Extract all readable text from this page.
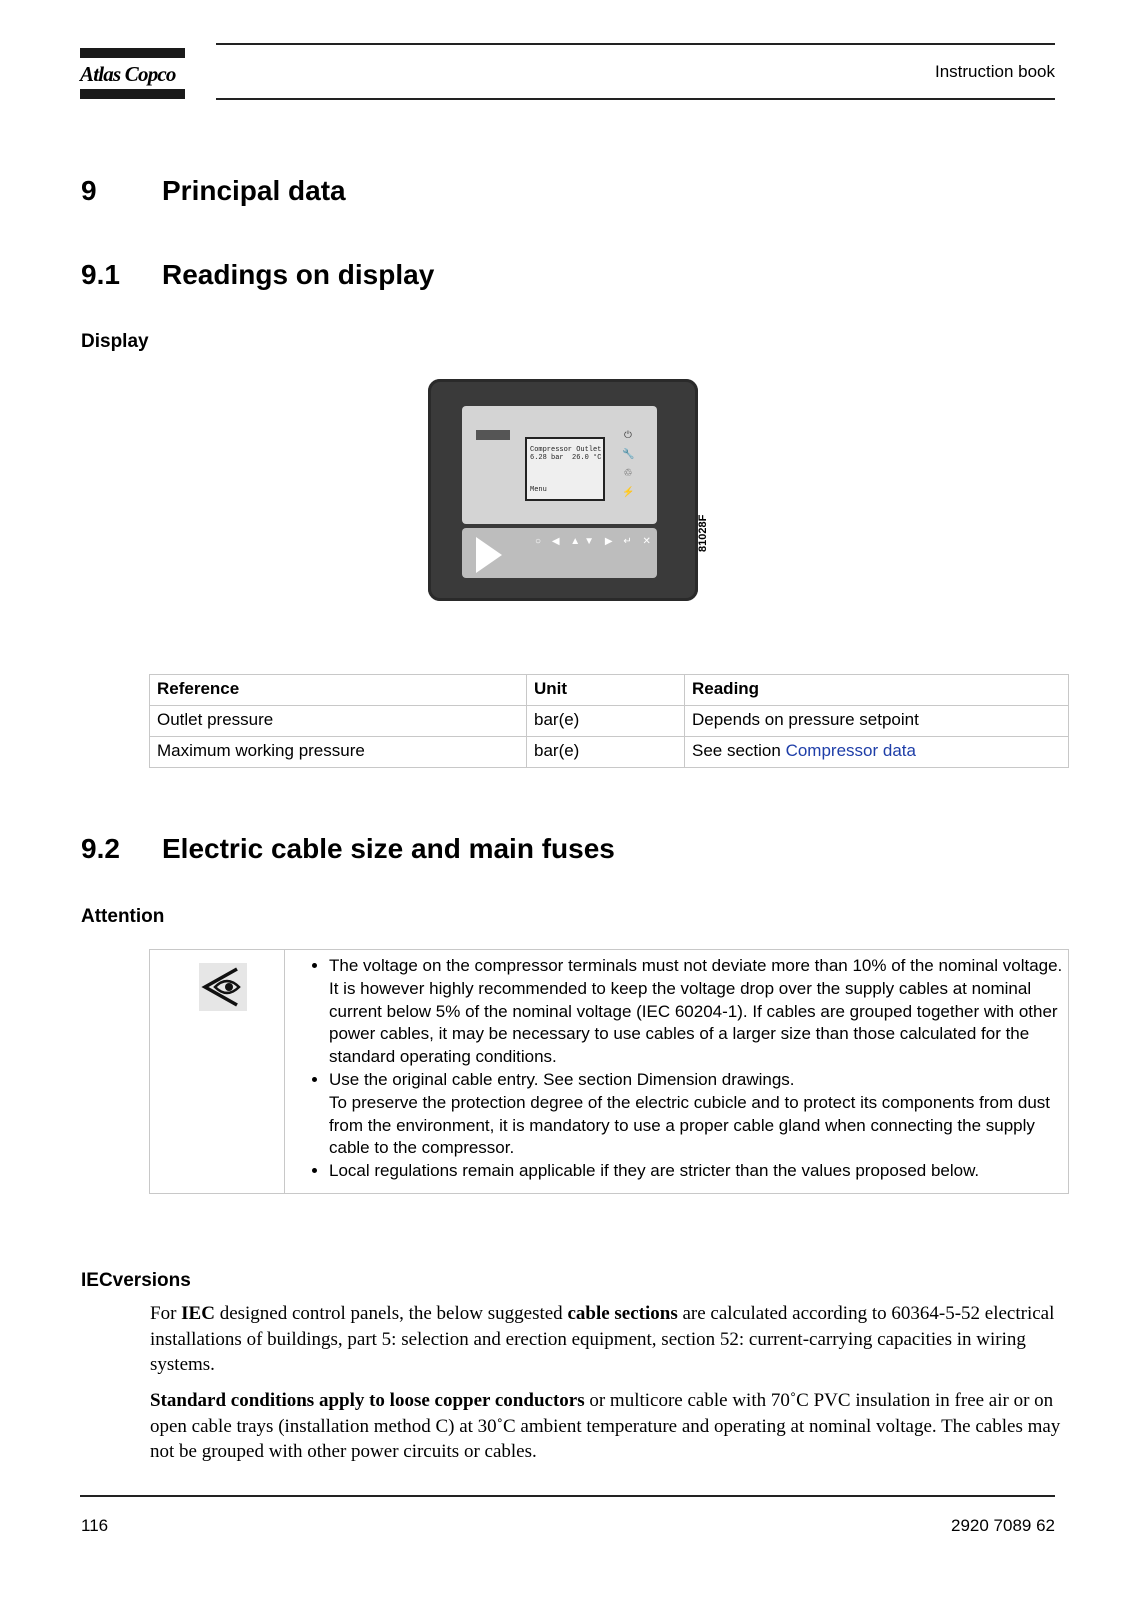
Atlas Copco	Instruction book
9 Principal data
9.1 Readings on display
Display
Compressor Outlet
6.28 bar 26.0 °C
Menu
⏻
🔧
♲
⚡
○ ◀ ▲▼ ▶ ↵ ✕	81028F
Reference	Unit	Reading
Outlet pressure	bar(e)	Depends on pressure setpoint
Maximum working pressure	bar(e)	See section Compressor data
9.2 Electric cable size and main fuses
Attention

• The voltage on the compressor terminals must not deviate more than 10% of the nominal voltage.
It is however highly recommended to keep the voltage drop over the supply cables at nominal current below 5% of the nominal voltage (IEC 60204-1). If cables are grouped together with other power cables, it may be necessary to use cables of a larger size than those calculated for the standard operating conditions.
• Use the original cable entry. See section Dimension drawings.
To preserve the protection degree of the electric cubicle and to protect its components from dust from the environment, it is mandatory to use a proper cable gland when connecting the supply cable to the compressor.
• Local regulations remain applicable if they are stricter than the values proposed below.
IECversions

For IEC designed control panels, the below suggested cable sections are calculated according to 60364-5-52 electrical installations of buildings, part 5: selection and erection equipment, section 52: current-carrying capacities in wiring systems.

Standard conditions apply to loose copper conductors or multicore cable with 70˚C PVC insulation in free air or on open cable trays (installation method C) at 30˚C ambient temperature and operating at nominal voltage. The cables may not be grouped with other power circuits or cables.

116	2920 7089 62
